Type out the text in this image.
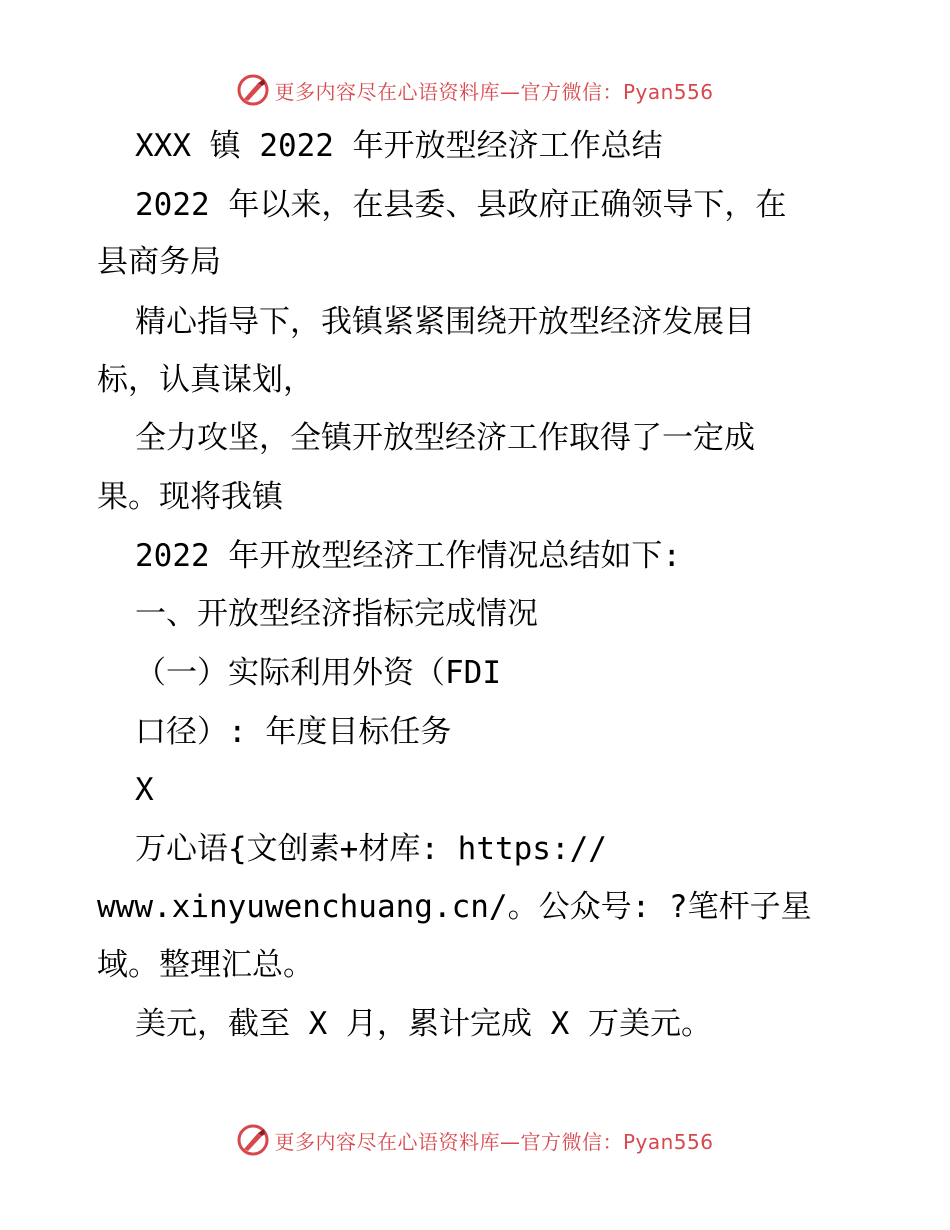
更多内容尽在心语资料库—官方微信：Pyan556
XXX 镇 2022 年开放型经济工作总结
2022 年以来，在县委、县政府正确领导下，在
县商务局
精心指导下，我镇紧紧围绕开放型经济发展目
标，认真谋划，
全力攻坚，全镇开放型经济工作取得了一定成
果。现将我镇
2022 年开放型经济工作情况总结如下:
一、开放型经济指标完成情况
（一）实际利用外资（FDI
口径）: 年度目标任务
X
万心语{文创素+材库: https://
www.xinyuwenchuang.cn/。公众号: ?笔杆子星
域。整理汇总。
美元，截至 X 月，累计完成 X 万美元。
更多内容尽在心语资料库—官方微信：Pyan556
